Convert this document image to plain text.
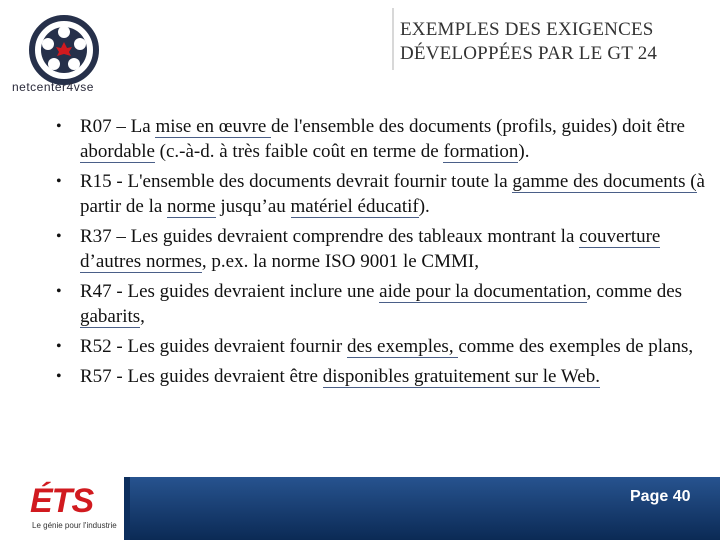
netcenter4vse
EXEMPLES DES EXIGENCES
DÉVELOPPÉES PAR LE GT 24
• R07 – La mise en œuvre de l'ensemble des documents (profils, guides) doit être abordable (c.-à-d. à très faible coût en terme de formation).
• R15 - L'ensemble des documents devrait fournir toute la gamme des documents (à partir de la norme jusqu’au matériel éducatif).
• R37 – Les guides devraient comprendre des tableaux montrant la couverture d’autres normes, p.ex. la norme ISO 9001 le CMMI,
• R47 - Les guides devraient inclure une aide pour la documentation, comme des gabarits,
• R52 - Les guides devraient fournir des exemples, comme des exemples de plans,
• R57 - Les guides devraient être disponibles gratuitement sur le Web.
ÉTS
Le génie pour l'industrie
Page 40
